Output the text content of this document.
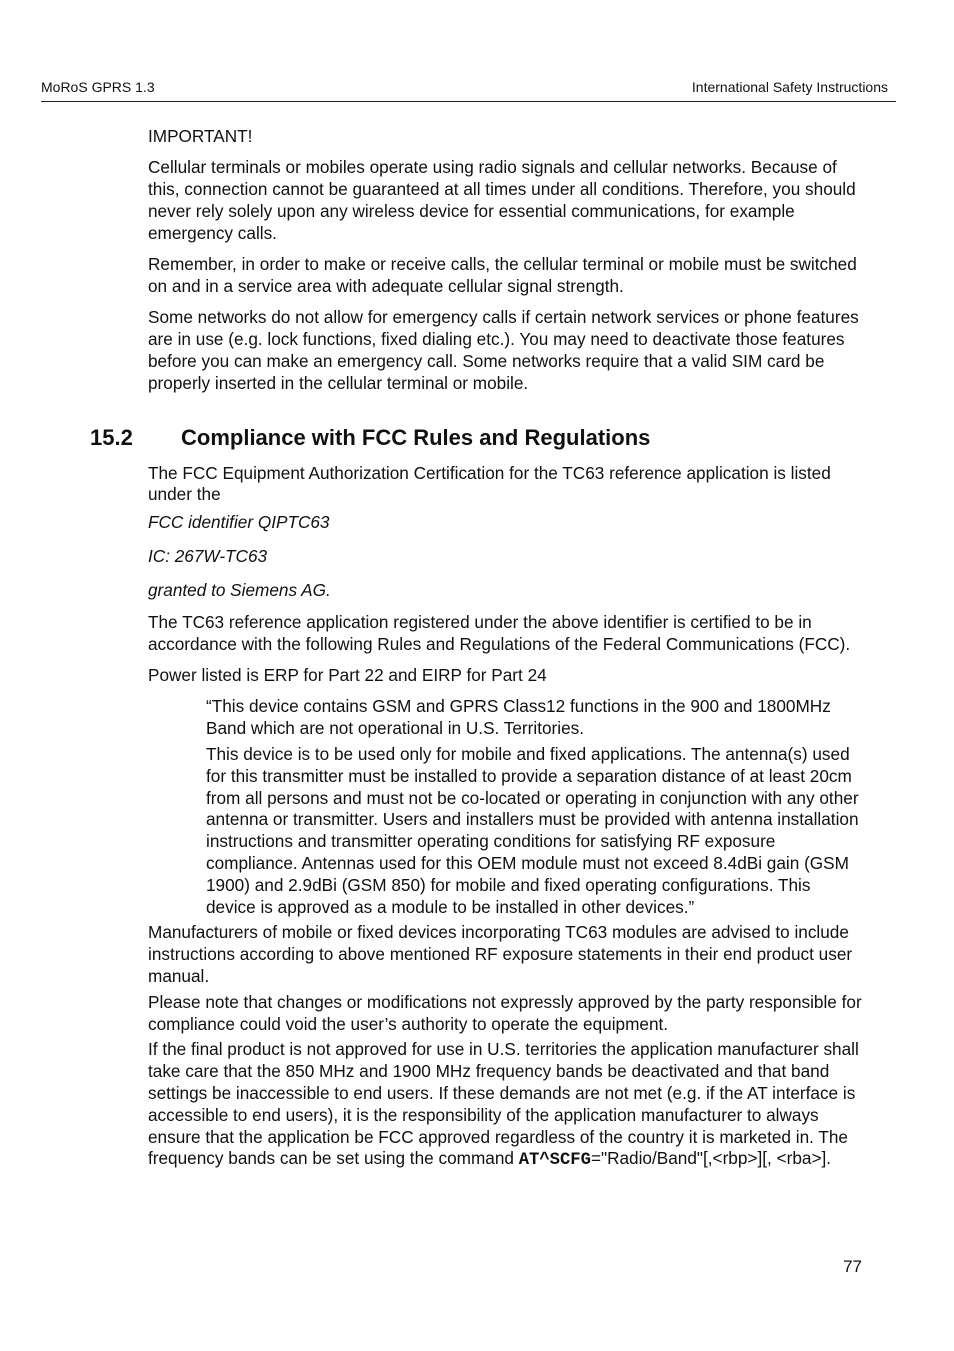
MoRoS GPRS 1.3	International Safety Instructions

IMPORTANT!

Cellular terminals or mobiles operate using radio signals and cellular networks. Because of this, connection cannot be guaranteed at all times under all conditions. Therefore, you should never rely solely upon any wireless device for essential communications, for example emergency calls.

Remember, in order to make or receive calls, the cellular terminal or mobile must be switched on and in a service area with adequate cellular signal strength.

Some networks do not allow for emergency calls if certain network services or phone features are in use (e.g. lock functions, fixed dialing etc.). You may need to deactivate those features before you can make an emergency call. Some networks require that a valid SIM card be properly inserted in the cellular terminal or mobile.

15.2	Compliance with FCC Rules and Regulations

The FCC Equipment Authorization Certification for the TC63 reference application is listed under the

FCC identifier QIPTC63

IC: 267W-TC63

granted to Siemens AG.

The TC63 reference application registered under the above identifier is certified to be in accordance with the following Rules and Regulations of the Federal Communications (FCC).

Power listed is ERP for Part 22 and EIRP for Part 24

“This device contains GSM and GPRS Class12 functions in the 900 and 1800MHz Band which are not operational in U.S. Territories.

This device is to be used only for mobile and fixed applications. The antenna(s) used for this transmitter must be installed to provide a separation distance of at least 20cm from all persons and must not be co-located or operating in conjunction with any other antenna or transmitter. Users and installers must be provided with antenna installation instructions and transmitter operating conditions for satisfying RF exposure compliance. Antennas used for this OEM module must not exceed 8.4dBi gain (GSM 1900) and 2.9dBi (GSM 850) for mobile and fixed operating configurations. This device is approved as a module to be installed in other devices.”

Manufacturers of mobile or fixed devices incorporating TC63 modules are advised to include instructions according to above mentioned RF exposure statements in their end product user manual.

Please note that changes or modifications not expressly approved by the party responsible for compliance could void the user’s authority to operate the equipment.

If the final product is not approved for use in U.S. territories the application manufacturer shall take care that the 850 MHz and 1900 MHz frequency bands be deactivated and that band settings be inaccessible to end users. If these demands are not met (e.g. if the AT interface is accessible to end users), it is the responsibility of the application manufacturer to always ensure that the application be FCC approved regardless of the country it is marketed in. The frequency bands can be set using the command AT^SCFG="Radio/Band"[,<rbp>][, <rba>].

77
